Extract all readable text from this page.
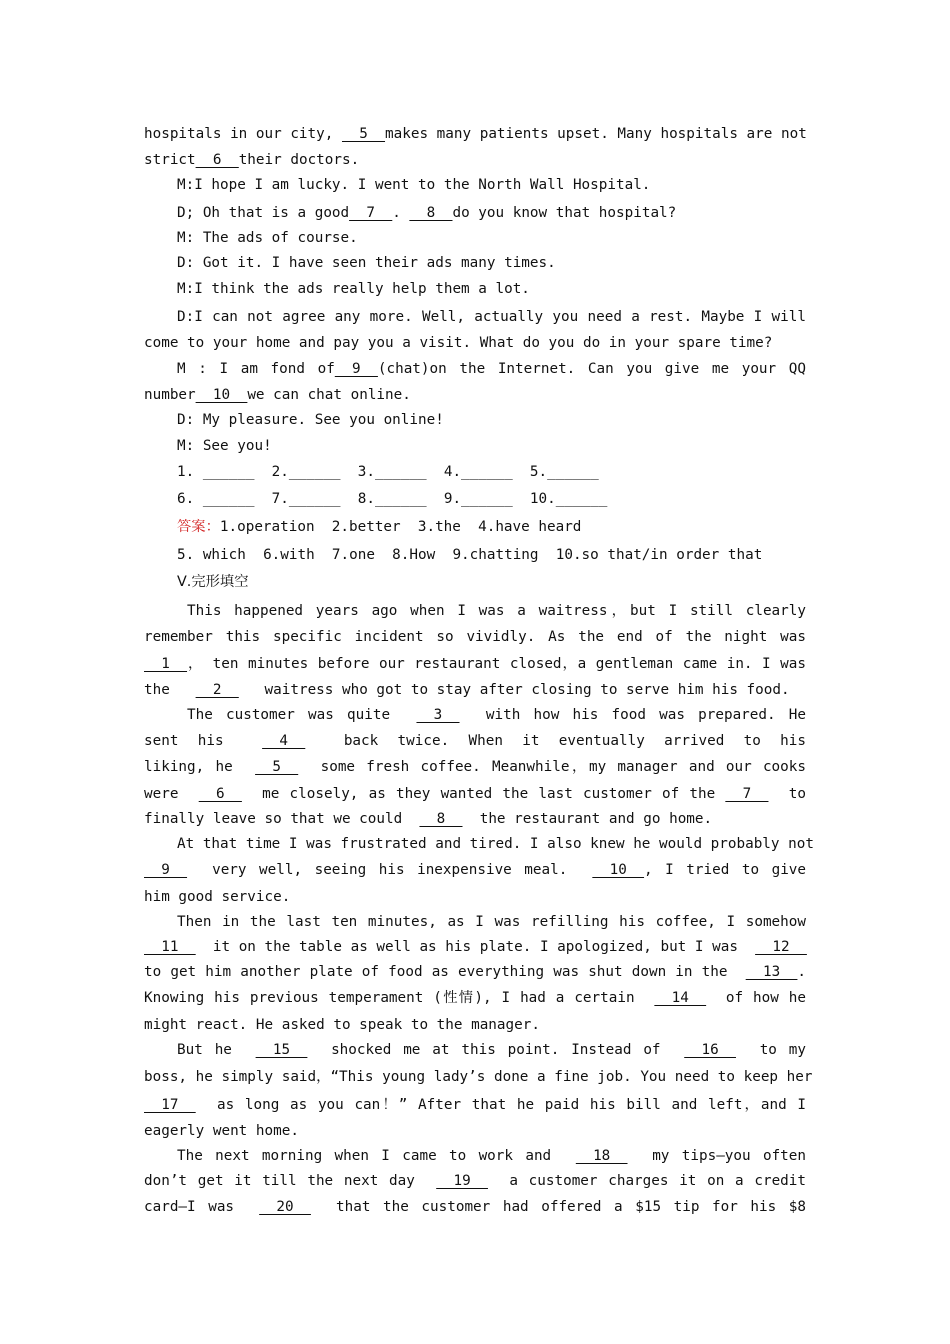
hospitals in our city, __5__makes many patients upset. Many hospitals are not
strict__6__their doctors.
M:I hope I am lucky. I went to the North Wall Hospital.
D; Oh that is a good__7__. __8__do you know that hospital?
M: The ads of course.
D: Got it. I have seen their ads many times.
M:I think the ads really help them a lot.
D:I can not agree any more. Well, actually you need a rest. Maybe I will
come to your home and pay you a visit. What do you do in your spare time?
M : I am fond of__9__(chat)on the Internet. Can you give me your QQ
number__10__we can chat online.
D: My pleasure. See you online!
M: See you!
1. ______  2.______  3.______  4.______  5.______
6. ______  7.______  8.______  9.______  10.______
答案：1.operation  2.better  3.the  4.have heard
5. which  6.with  7.one  8.How  9.chatting  10.so that/in order that
Ⅴ.完形填空
This happened years ago when I was a waitress，but I still clearly
remember this specific incident so vividly. As the end of the night was
__1__， ten minutes before our restaurant closed，a gentleman came in. I was
the __2__ waitress who got to stay after closing to serve him his food.
The customer was quite __3__ with how his food was prepared. He
sent his	__4__	back twice. When it eventually arrived to his
liking, he __5__ some fresh coffee. Meanwhile，my manager and our cooks
were __6__ me closely, as they wanted the last customer of the __7__ to
finally leave so that we could __8__ the restaurant and go home.
At that time I was frustrated and tired. I also knew he would probably not
__9__ very well, seeing his inexpensive meal. __10__, I tried to give
him good service.
Then in the last ten minutes, as I was refilling his coffee, I somehow
__11__ it on the table as well as his plate. I apologized, but I was __12__
to get him another plate of food as everything was shut down in the __13__.
Knowing his previous temperament (性情), I had a certain __14__ of how he
might react. He asked to speak to the manager.
But he __15__ shocked me at this point. Instead of __16__ to my
boss, he simply said，“This young lady’s done a fine job. You need to keep her
__17__ as long as you can！” After that he paid his bill and left，and I
eagerly went home.
The next morning when I came to work and __18__ my tips—you often
don’t get it till the next day __19__ a customer charges it on a credit
card—I was __20__ that the customer had offered a $15 tip for his $8
